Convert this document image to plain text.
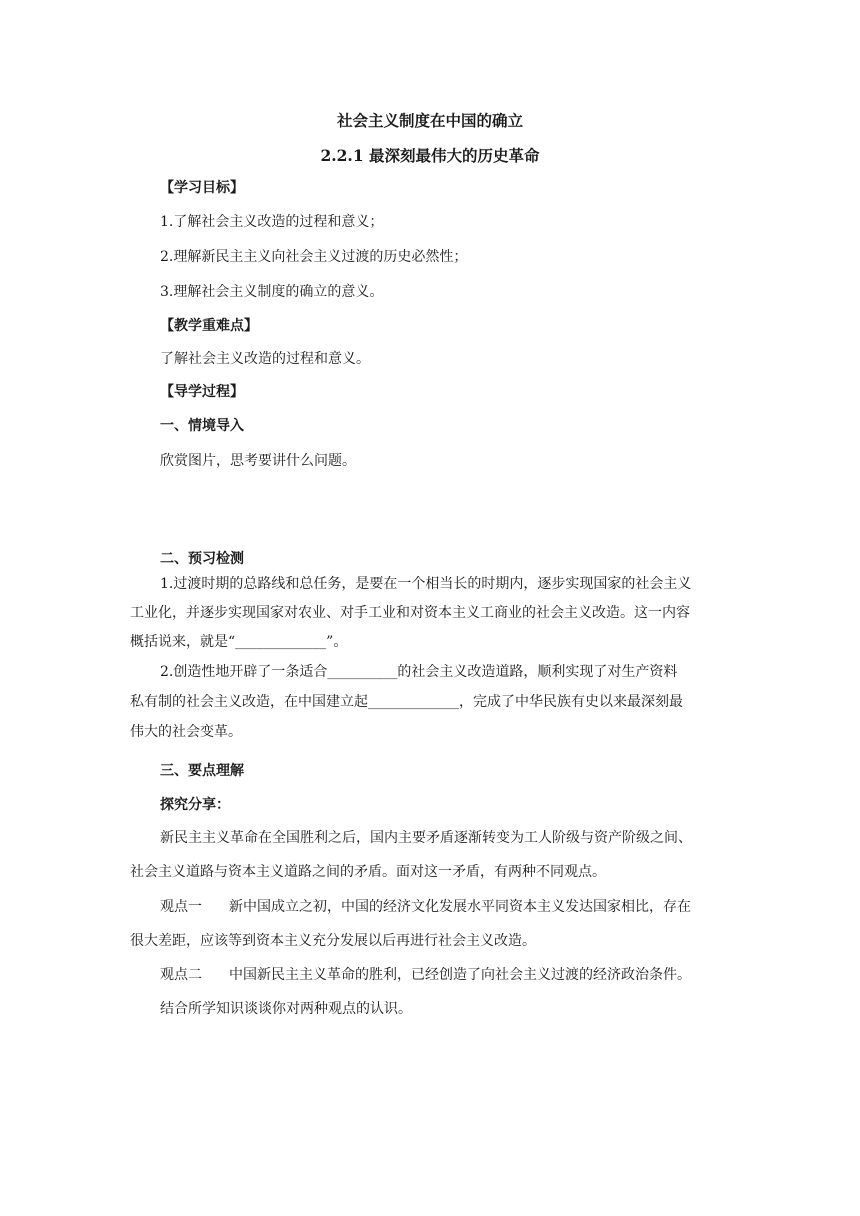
社会主义制度在中国的确立
2.2.1 最深刻最伟大的历史革命
【学习目标】
1.了解社会主义改造的过程和意义；
2.理解新民主主义向社会主义过渡的历史必然性；
3.理解社会主义制度的确立的意义。
【教学重难点】
了解社会主义改造的过程和意义。
【导学过程】
一、情境导入
欣赏图片，思考要讲什么问题。
二、预习检测
1.过渡时期的总路线和总任务，是要在一个相当长的时期内，逐步实现国家的社会主义
工业化，并逐步实现国家对农业、对手工业和对资本主义工商业的社会主义改造。这一内容
概括说来，就是“_____________”。
2.创造性地开辟了一条适合__________的社会主义改造道路，顺利实现了对生产资料
私有制的社会主义改造，在中国建立起_____________，完成了中华民族有史以来最深刻最
伟大的社会变革。
三、要点理解
探究分享：
新民主主义革命在全国胜利之后，国内主要矛盾逐渐转变为工人阶级与资产阶级之间、
社会主义道路与资本主义道路之间的矛盾。面对这一矛盾，有两种不同观点。
观点一 新中国成立之初，中国的经济文化发展水平同资本主义发达国家相比，存在
很大差距，应该等到资本主义充分发展以后再进行社会主义改造。
观点二 中国新民主主义革命的胜利，已经创造了向社会主义过渡的经济政治条件。
结合所学知识谈谈你对两种观点的认识。
